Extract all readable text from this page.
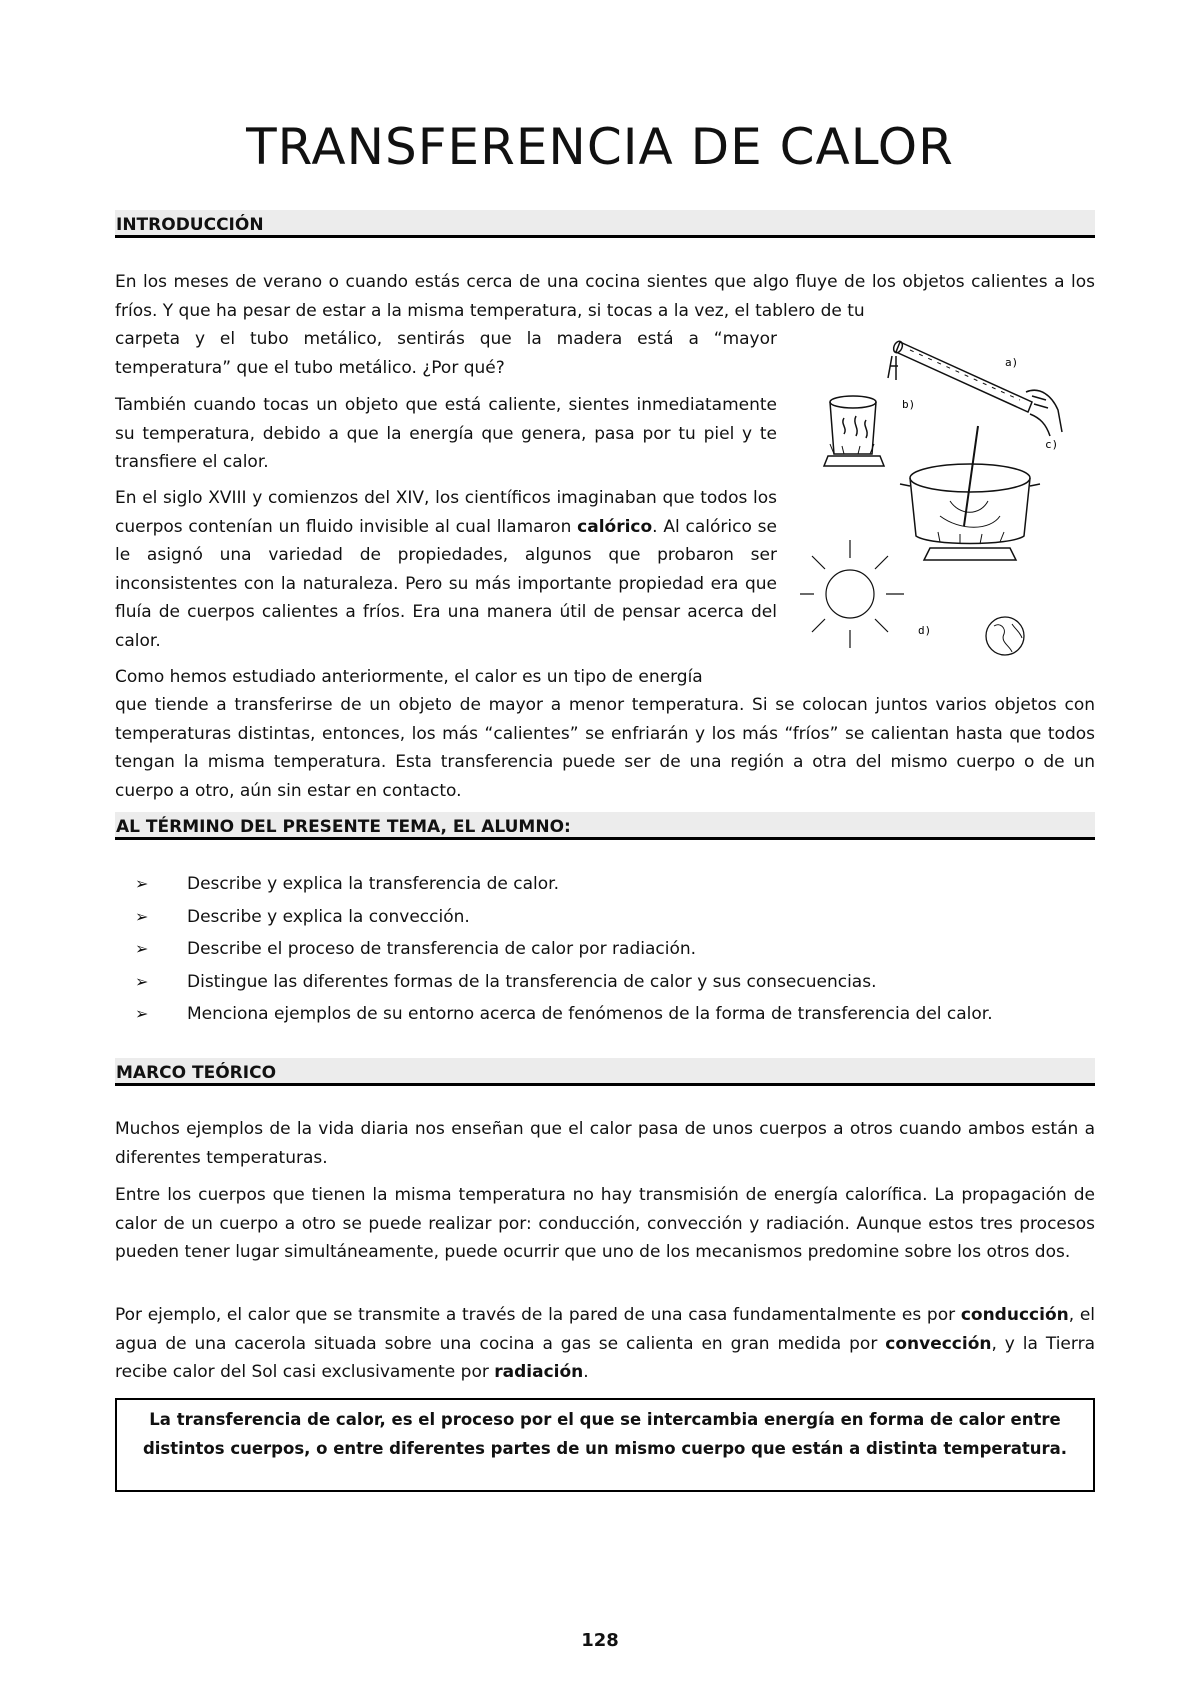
TRANSFERENCIA DE CALOR
INTRODUCCIÓN

En los meses de verano o cuando estás cerca de una cocina sientes que algo fluye de los objetos calientes a los fríos. Y que ha pesar de estar a la misma temperatura, si tocas a la vez, el tablero de tu

carpeta y el tubo metálico, sentirás que la madera está a “mayor temperatura” que el tubo metálico. ¿Por qué?

También cuando tocas un objeto que está caliente, sientes inmediatamente su temperatura, debido a que la energía que genera, pasa por tu piel y te transfiere el calor.

En el siglo XVIII y comienzos del XIV, los científicos imaginaban que todos los cuerpos contenían un fluido invisible al cual llamaron calórico. Al calórico se le asignó una variedad de propiedades, algunos que probaron ser inconsistentes con la naturaleza. Pero su más importante propiedad era que fluía de cuerpos calientes a fríos. Era una manera útil de pensar acerca del calor.

Como hemos estudiado anteriormente, el calor es un tipo de energía

que tiende a transferirse de un objeto de mayor a menor temperatura. Si se colocan juntos varios objetos con temperaturas distintas, entonces, los más “calientes” se enfriarán y los más “fríos” se calientan hasta que todos tengan la misma temperatura. Esta transferencia puede ser de una región a otra del mismo cuerpo o de un cuerpo a otro, aún sin estar en contacto.

a)
b)
c)
d)
AL TÉRMINO DEL PRESENTE TEMA, EL ALUMNO:
➢ Describe y explica la transferencia de calor.
➢ Describe y explica la convección.
➢ Describe el proceso de transferencia de calor por radiación.
➢ Distingue las diferentes formas de la transferencia de calor y sus consecuencias.
➢ Menciona ejemplos de su entorno acerca de fenómenos de la forma de transferencia del calor.
MARCO TEÓRICO

Muchos ejemplos de la vida diaria nos enseñan que el calor pasa de unos cuerpos a otros cuando ambos están a diferentes temperaturas.

Entre los cuerpos que tienen la misma temperatura no hay transmisión de energía calorífica. La propagación de calor de un cuerpo a otro se puede realizar por: conducción, convección y radiación. Aunque estos tres procesos pueden tener lugar simultáneamente, puede ocurrir que uno de los mecanismos predomine sobre los otros dos.

Por ejemplo, el calor que se transmite a través de la pared de una casa fundamentalmente es por conducción, el agua de una cacerola situada sobre una cocina a gas se calienta en gran medida por convección, y la Tierra recibe calor del Sol casi exclusivamente por radiación.

La transferencia de calor, es el proceso por el que se intercambia energía en forma de calor entre distintos cuerpos, o entre diferentes partes de un mismo cuerpo que están a distinta temperatura.
128
